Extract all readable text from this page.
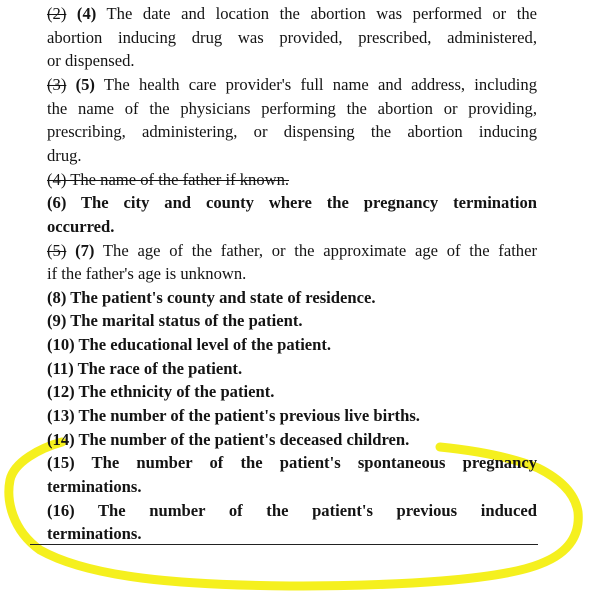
(2) (4) The date and location the abortion was performed or the
abortion inducing drug was provided, prescribed, administered,
or dispensed.
(3) (5) The health care provider's full name and address, including
the name of the physicians performing the abortion or providing,
prescribing, administering, or dispensing the abortion inducing
drug.
(4) The name of the father if known.
(6) The city and county where the pregnancy termination
occurred.
(5) (7) The age of the father, or the approximate age of the father
if the father's age is unknown.
(8) The patient's county and state of residence.
(9) The marital status of the patient.
(10) The educational level of the patient.
(11) The race of the patient.
(12) The ethnicity of the patient.
(13) The number of the patient's previous live births.
(14) The number of the patient's deceased children.
(15) The number of the patient's spontaneous pregnancy
terminations.
(16) The number of the patient's previous induced
terminations.
